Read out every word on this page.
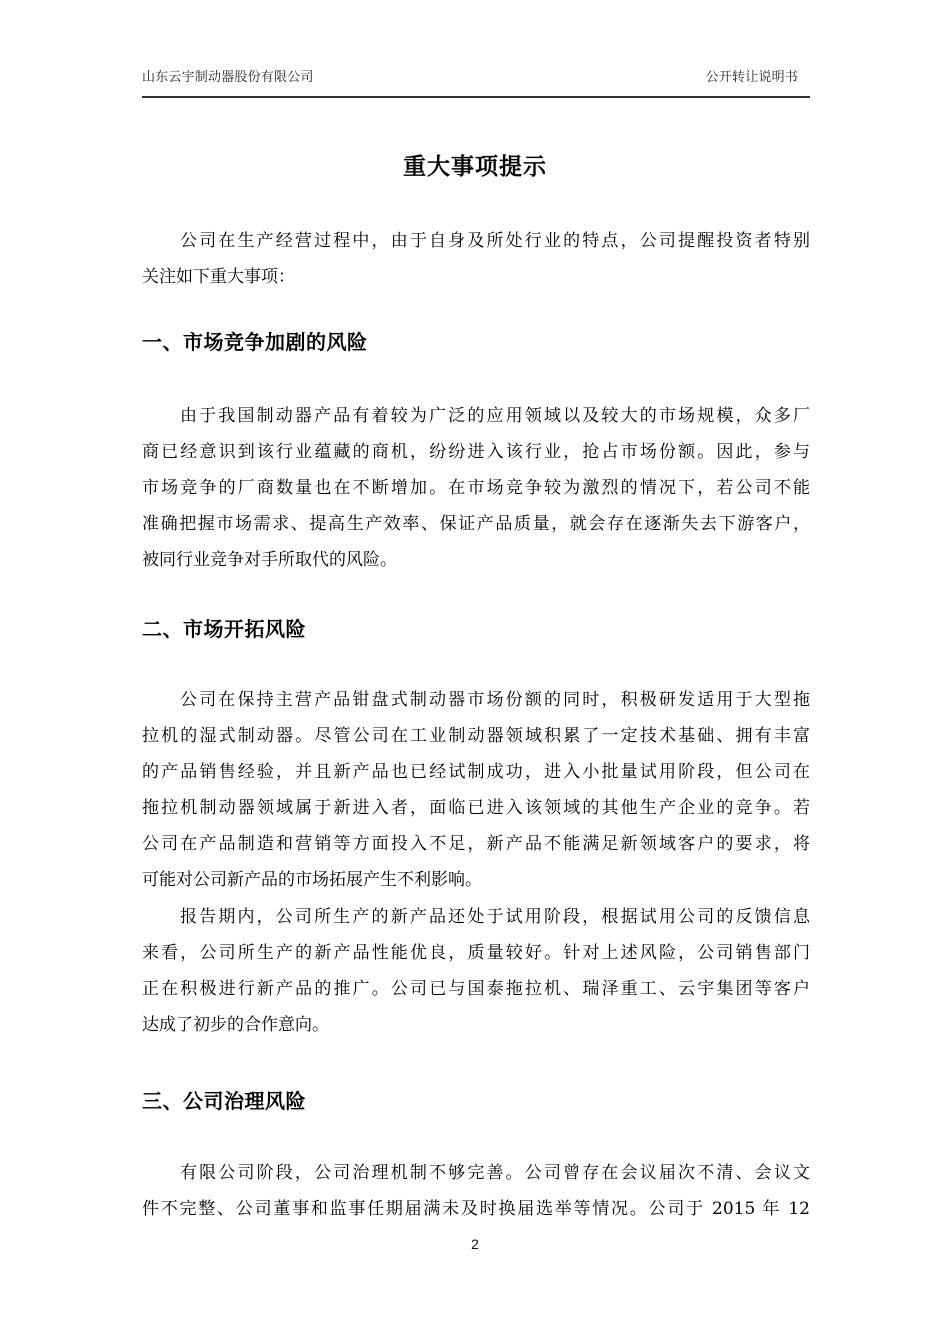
山东云宇制动器股份有限公司	公开转让说明书
重大事项提示
公司在生产经营过程中，由于自身及所处行业的特点，公司提醒投资者特别
关注如下重大事项：
一、市场竞争加剧的风险
由于我国制动器产品有着较为广泛的应用领域以及较大的市场规模，众多厂
商已经意识到该行业蕴藏的商机，纷纷进入该行业，抢占市场份额。因此，参与
市场竞争的厂商数量也在不断增加。在市场竞争较为激烈的情况下，若公司不能
准确把握市场需求、提高生产效率、保证产品质量，就会存在逐渐失去下游客户，
被同行业竞争对手所取代的风险。
二、市场开拓风险
公司在保持主营产品钳盘式制动器市场份额的同时，积极研发适用于大型拖
拉机的湿式制动器。尽管公司在工业制动器领域积累了一定技术基础、拥有丰富
的产品销售经验，并且新产品也已经试制成功，进入小批量试用阶段，但公司在
拖拉机制动器领域属于新进入者，面临已进入该领域的其他生产企业的竞争。若
公司在产品制造和营销等方面投入不足，新产品不能满足新领域客户的要求，将
可能对公司新产品的市场拓展产生不利影响。
报告期内，公司所生产的新产品还处于试用阶段，根据试用公司的反馈信息
来看，公司所生产的新产品性能优良，质量较好。针对上述风险，公司销售部门
正在积极进行新产品的推广。公司已与国泰拖拉机、瑞泽重工、云宇集团等客户
达成了初步的合作意向。
三、公司治理风险
有限公司阶段，公司治理机制不够完善。公司曾存在会议届次不清、会议文
件不完整、公司董事和监事任期届满未及时换届选举等情况。公司于 2015 年 12
2
